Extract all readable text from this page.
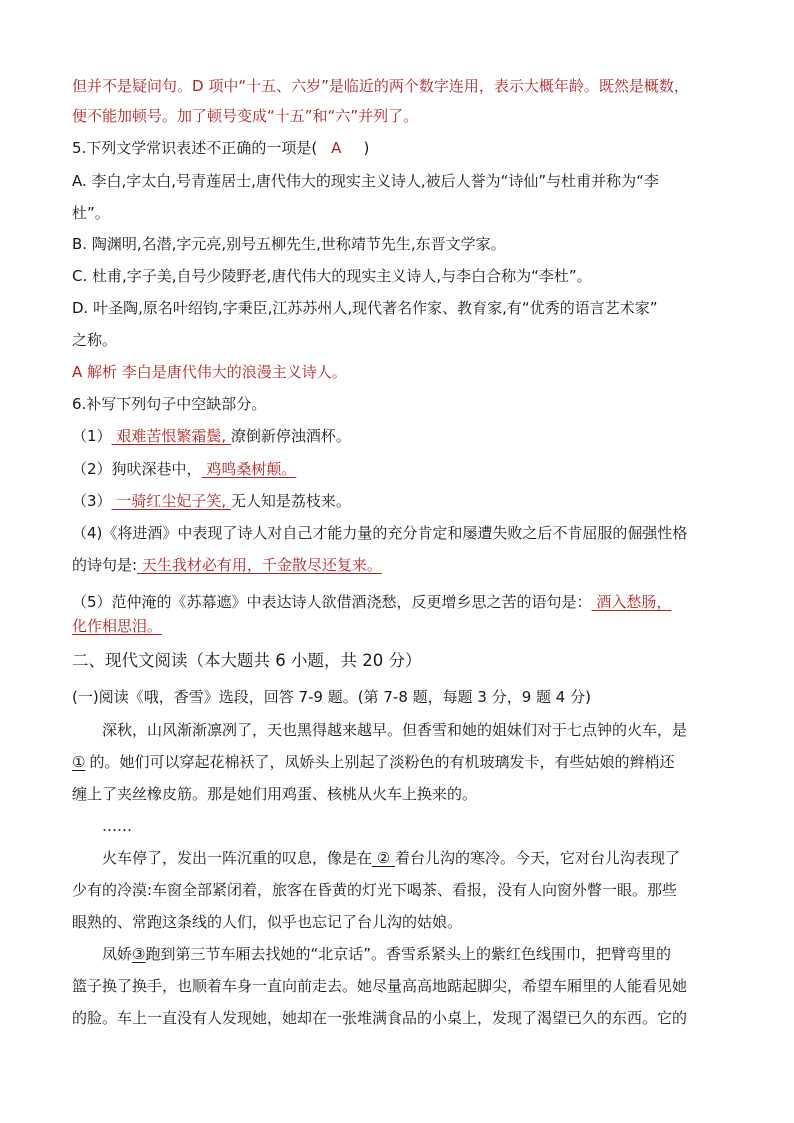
但并不是疑问句。D 项中“十五、六岁”是临近的两个数字连用，表示大概年龄。既然是概数，
便不能加顿号。加了顿号变成“十五”和“六”并列了。
5.下列文学常识表述不正确的一项是( A )
A. 李白,字太白,号青莲居士,唐代伟大的现实主义诗人,被后人誉为“诗仙”与杜甫并称为“李
杜”。
B. 陶渊明,名潜,字元亮,别号五柳先生,世称靖节先生,东晋文学家。
C. 杜甫,字子美,自号少陵野老,唐代伟大的现实主义诗人,与李白合称为“李杜”。
D. 叶圣陶,原名叶绍钧,字秉臣,江苏苏州人,现代著名作家、教育家,有“优秀的语言艺术家”
之称。
A 解析 李白是唐代伟大的浪漫主义诗人。
6.补写下列句子中空缺部分。
（1） 艰难苦恨繁霜鬓, 潦倒新停浊酒杯。
（2）狗吠深巷中， 鸡鸣桑树颠。
（3） 一骑红尘妃子笑, 无人知是荔枝来。
（4)《将进酒》中表现了诗人对自己才能力量的充分肯定和屡遭失败之后不肯屈服的倔强性格
的诗句是: 天生我材必有用，千金散尽还复来。
（5）范仲淹的《苏幕遮》中表达诗人欲借酒浇愁，反更增乡思之苦的语句是： 酒入愁肠，
化作相思泪。
二、现代文阅读（本大题共 6 小题，共 20 分）
(一)阅读《哦，香雪》选段，回答 7-9 题。(第 7-8 题，每题 3 分，9 题 4 分)
深秋，山风渐渐凛冽了，天也黑得越来越早。但香雪和她的姐妹们对于七点钟的火车，是
① 的。她们可以穿起花棉袄了，凤娇头上别起了淡粉色的有机玻璃发卡，有些姑娘的辫梢还
缠上了夹丝橡皮筋。那是她们用鸡蛋、核桃从火车上换来的。
……
火车停了，发出一阵沉重的叹息，像是在 ② 着台儿沟的寒冷。今天，它对台儿沟表现了
少有的冷漠:车窗全部紧闭着，旅客在昏黄的灯光下喝茶、看报，没有人向窗外瞥一眼。那些
眼熟的、常跑这条线的人们，似乎也忘记了台儿沟的姑娘。
凤娇③跑到第三节车厢去找她的“北京话”。香雪系紧头上的紫红色线围巾，把臂弯里的
篮子换了换手，也顺着车身一直向前走去。她尽量高高地踮起脚尖，希望车厢里的人能看见她
的脸。车上一直没有人发现她，她却在一张堆满食品的小桌上，发现了渴望已久的东西。它的
